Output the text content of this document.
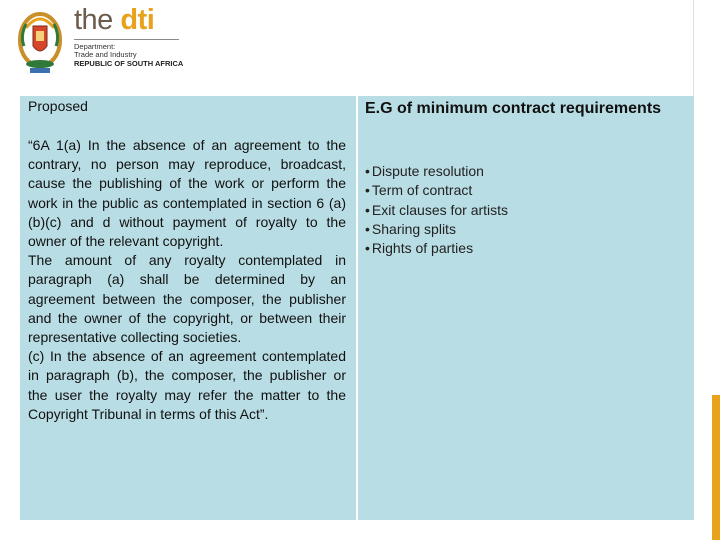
the dti
Department:
Trade and Industry
REPUBLIC OF SOUTH AFRICA
Proposed

“6A 1(a) In the absence of an agreement to the contrary, no person may reproduce, broadcast, cause the publishing of the work or perform the work in the public as contemplated in section 6 (a)(b)(c) and d without payment of royalty to the owner of the relevant copyright.

The amount of any royalty contemplated in paragraph (a) shall be determined by an agreement between the composer, the publisher and the owner of the copyright, or between their representative collecting societies.

(c) In the absence of an agreement contemplated in paragraph (b), the composer, the publisher or the user the royalty may refer the matter to the Copyright Tribunal in terms of this Act”.

E.G of minimum contract requirements
• Dispute resolution
• Term of contract
• Exit clauses for artists
• Sharing splits
• Rights of parties
